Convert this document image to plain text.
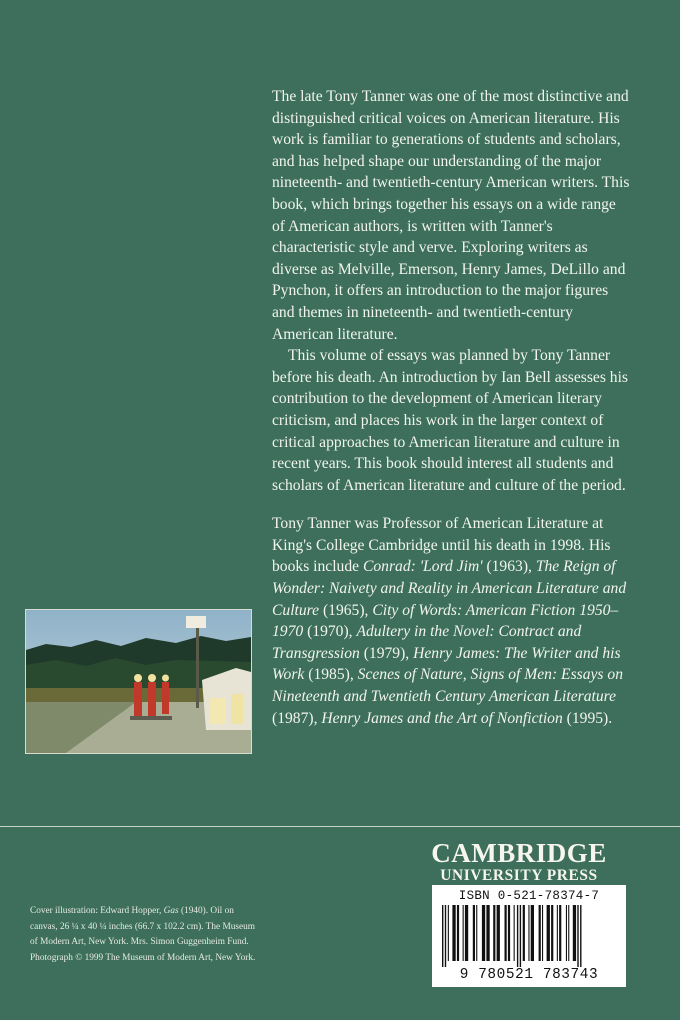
The late Tony Tanner was one of the most distinctive and distinguished critical voices on American literature. His work is familiar to generations of students and scholars, and has helped shape our understanding of the major nineteenth- and twentieth-century American writers. This book, which brings together his essays on a wide range of American authors, is written with Tanner's characteristic style and verve. Exploring writers as diverse as Melville, Emerson, Henry James, DeLillo and Pynchon, it offers an introduction to the major figures and themes in nineteenth- and twentieth-century American literature.

This volume of essays was planned by Tony Tanner before his death. An introduction by Ian Bell assesses his contribution to the development of American literary criticism, and places his work in the larger context of critical approaches to American literature and culture in recent years. This book should interest all students and scholars of American literature and culture of the period.

Tony Tanner was Professor of American Literature at King's College Cambridge until his death in 1998. His books include Conrad: 'Lord Jim' (1963), The Reign of Wonder: Naivety and Reality in American Literature and Culture (1965), City of Words: American Fiction 1950–1970 (1970), Adultery in the Novel: Contract and Transgression (1979), Henry James: The Writer and his Work (1985), Scenes of Nature, Signs of Men: Essays on Nineteenth and Twentieth Century American Literature (1987), Henry James and the Art of Nonfiction (1995).

Cover illustration: Edward Hopper, Gas (1940). Oil on canvas, 26 ¼ x 40 ¼ inches (66.7 x 102.2 cm). The Museum of Modern Art, New York. Mrs. Simon Guggenheim Fund. Photograph © 1999 The Museum of Modern Art, New York.

CAMBRIDGE
UNIVERSITY PRESS
ISBN 0-521-78374-7
9 780521 783743
